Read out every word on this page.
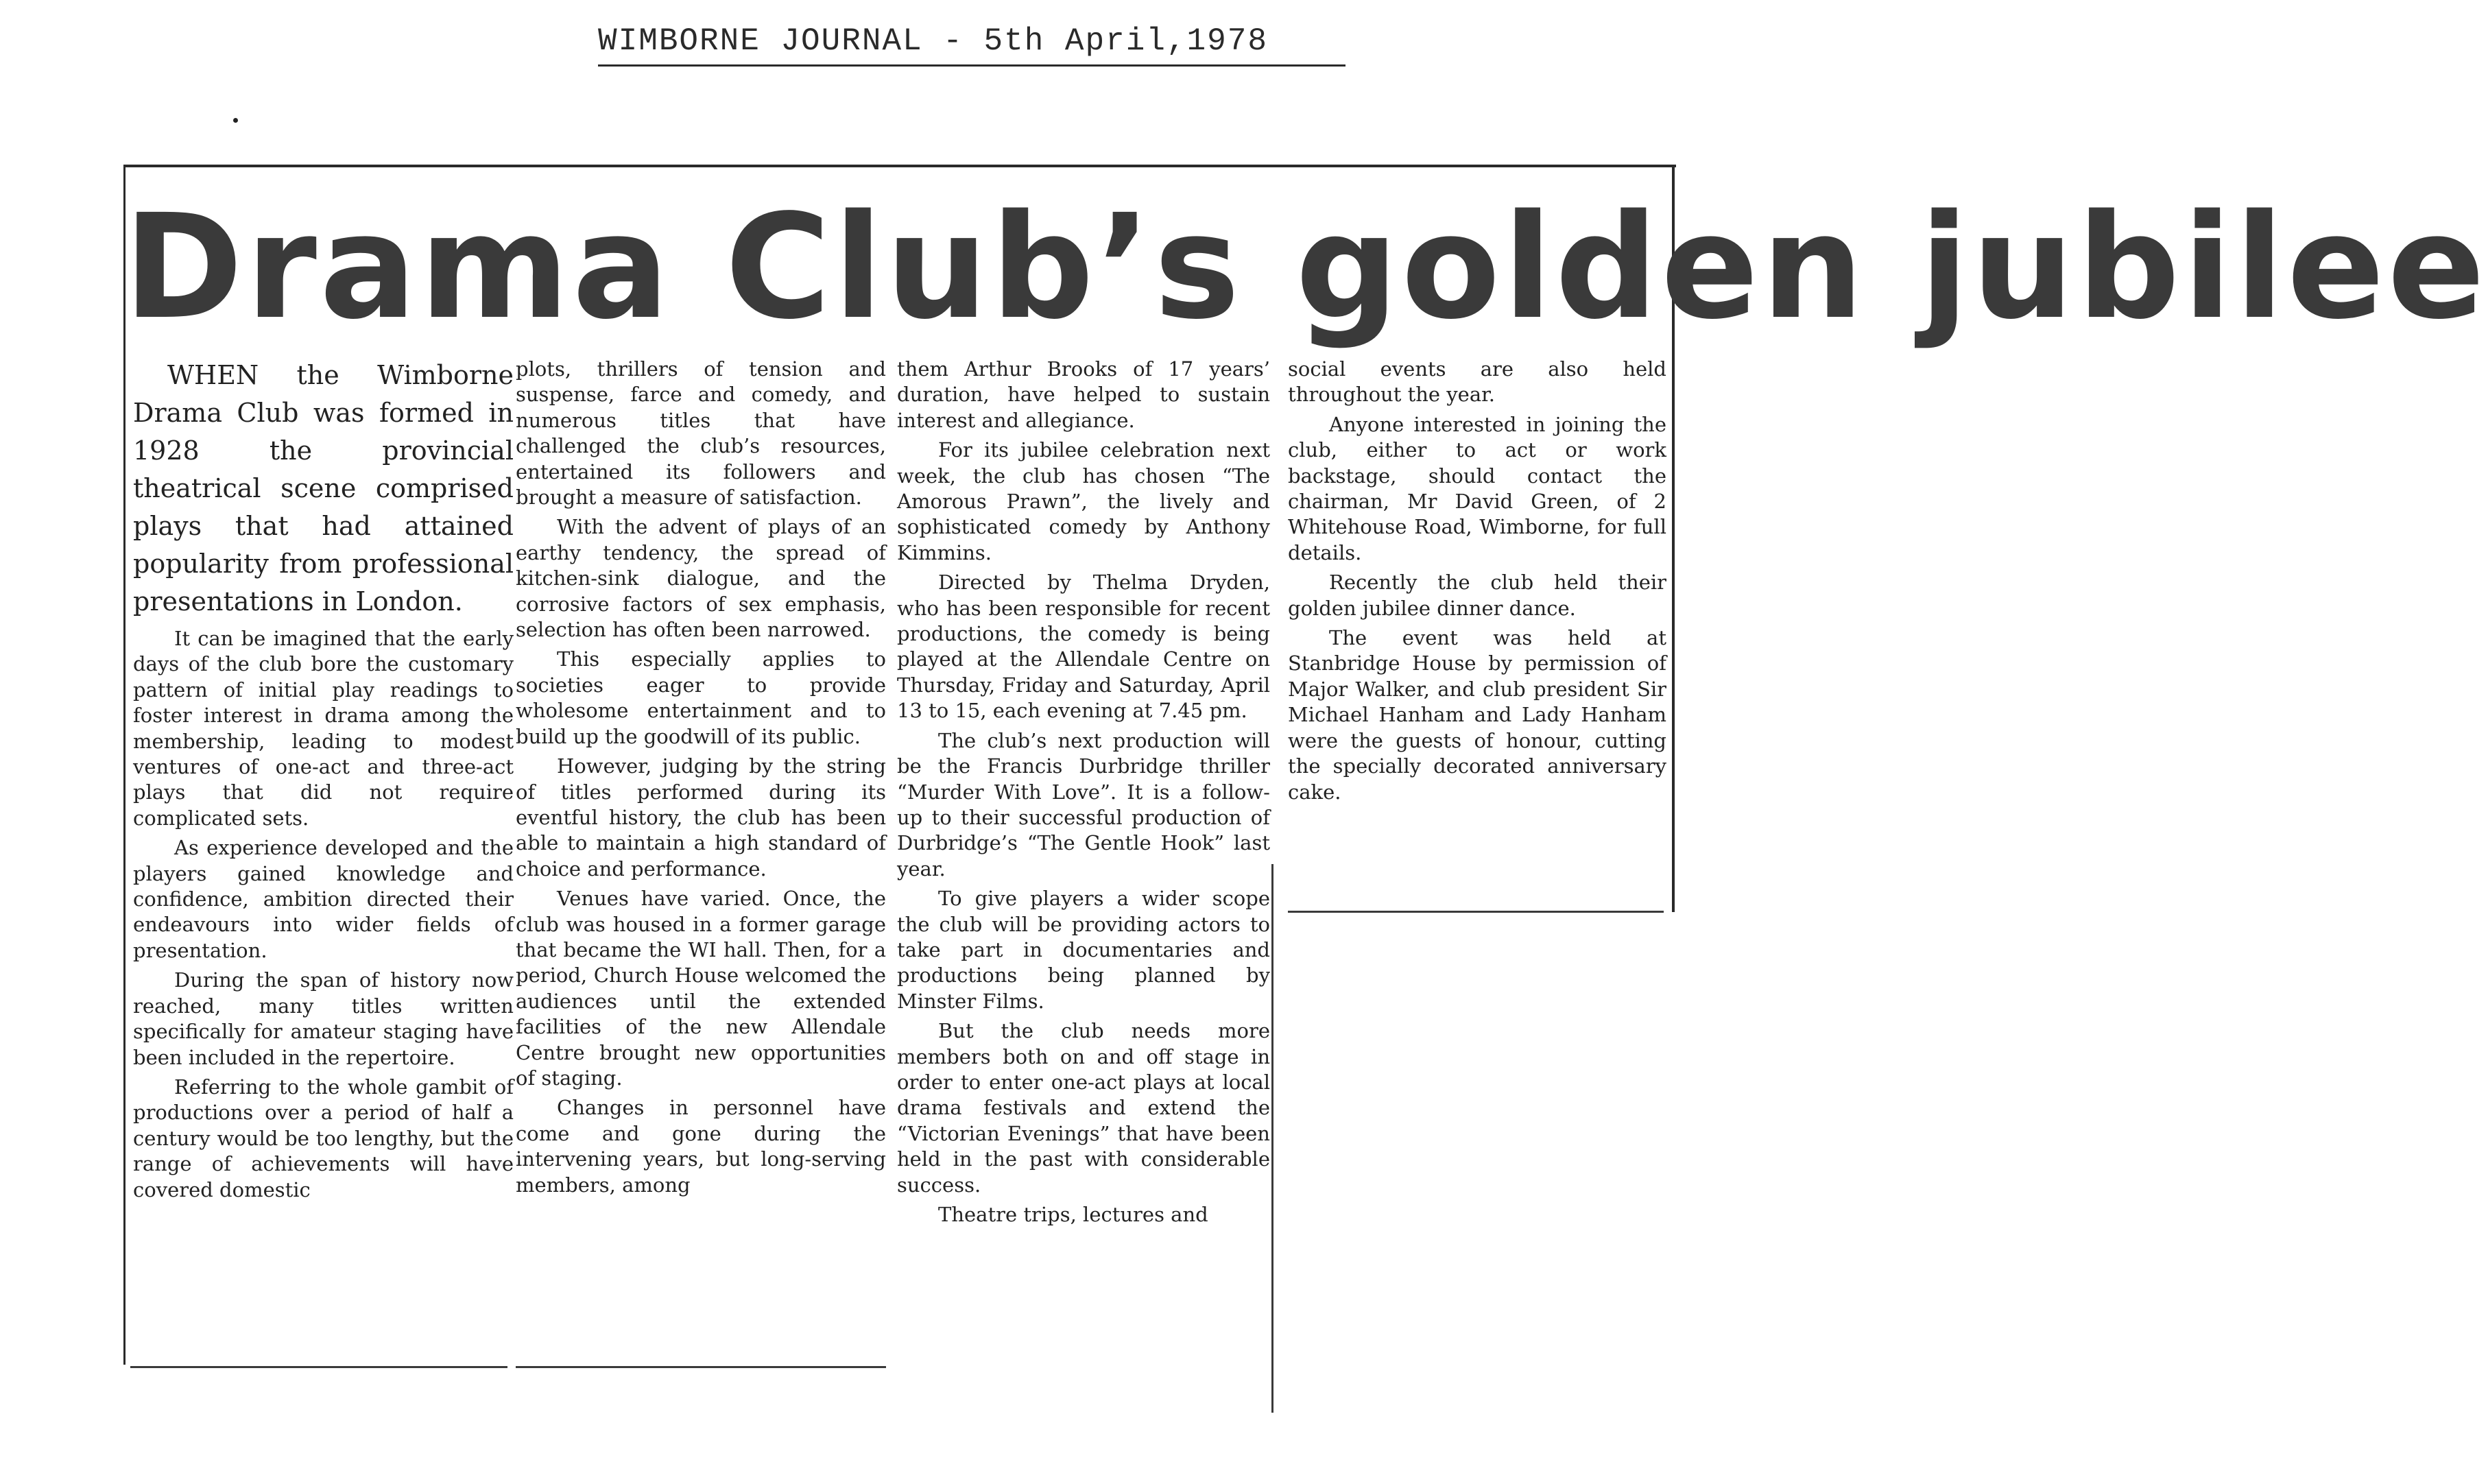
WIMBORNE JOURNAL - 5th April,1978
Drama Club’s golden jubilee

WHEN the Wimborne Drama Club was formed in 1928 the provincial theatrical scene comprised plays that had attained popularity from professional presentations in London.

It can be imagined that the early days of the club bore the customary pattern of initial play readings to foster interest in drama among the membership, leading to modest ventures of one-act and three-act plays that did not require complicated sets.

As experience developed and the players gained knowledge and confidence, ambition directed their endeavours into wider fields of presentation.

During the span of history now reached, many titles written specifically for amateur staging have been included in the repertoire.

Referring to the whole gambit of productions over a period of half a century would be too lengthy, but the range of achievements will have covered domestic

plots, thrillers of tension and suspense, farce and comedy, and numerous titles that have challenged the club’s resources, entertained its followers and brought a measure of satisfaction.

With the advent of plays of an earthy tendency, the spread of kitchen-sink dialogue, and the corrosive factors of sex emphasis, selection has often been narrowed.

This especially applies to societies eager to provide wholesome entertainment and to build up the goodwill of its public.

However, judging by the string of titles performed during its eventful history, the club has been able to maintain a high standard of choice and performance.

Venues have varied. Once, the club was housed in a former garage that became the WI hall. Then, for a period, Church House welcomed the audiences until the extended facilities of the new Allendale Centre brought new opportunities of staging.

Changes in personnel have come and gone during the intervening years, but long-serving members, among

them Arthur Brooks of 17 years’ duration, have helped to sustain interest and allegiance.

For its jubilee celebration next week, the club has chosen “The Amorous Prawn”, the lively and sophisticated comedy by Anthony Kimmins.

Directed by Thelma Dryden, who has been responsible for recent productions, the comedy is being played at the Allendale Centre on Thursday, Friday and Saturday, April 13 to 15, each evening at 7.45 pm.

The club’s next production will be the Francis Durbridge thriller “Murder With Love”. It is a follow-up to their successful production of Durbridge’s “The Gentle Hook” last year.

To give players a wider scope the club will be providing actors to take part in documentaries and productions being planned by Minster Films.

But the club needs more members both on and off stage in order to enter one-act plays at local drama festivals and extend the “Victorian Evenings” that have been held in the past with considerable success.

Theatre trips, lectures and

social events are also held throughout the year.

Anyone interested in joining the club, either to act or work backstage, should contact the chairman, Mr David Green, of 2 Whitehouse Road, Wimborne, for full details.

Recently the club held their golden jubilee dinner dance.

The event was held at Stanbridge House by permission of Major Walker, and club president Sir Michael Hanham and Lady Hanham were the guests of honour, cutting the specially decorated anniversary cake.
